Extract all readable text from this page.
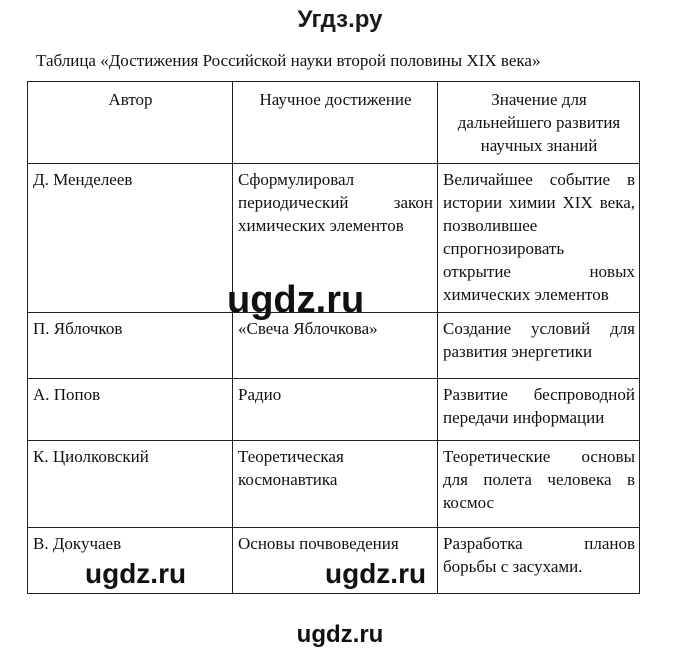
Угдз.ру
Таблица «Достижения Российской науки второй половины XIX века»
Автор	Научное достижение	Значение для дальнейшего развития научных знаний
Д. Менделеев	Сформулировал периодический закон химических элементов	Величайшее событие в истории химии XIX века, позволившее спрогнозировать открытие новых химических элементов
П. Яблочков	«Свеча Яблочкова»	Создание условий для развития энергетики
А. Попов	Радио	Развитие беспроводной передачи информации
К. Циолковский	Теоретическая космонавтика	Теоретические основы для полета человека в космос
В. Докучаев	Основы почвоведения	Разработка планов борьбы с засухами.
ugdz.ru
ugdz.ru	ugdz.ru
ugdz.ru
